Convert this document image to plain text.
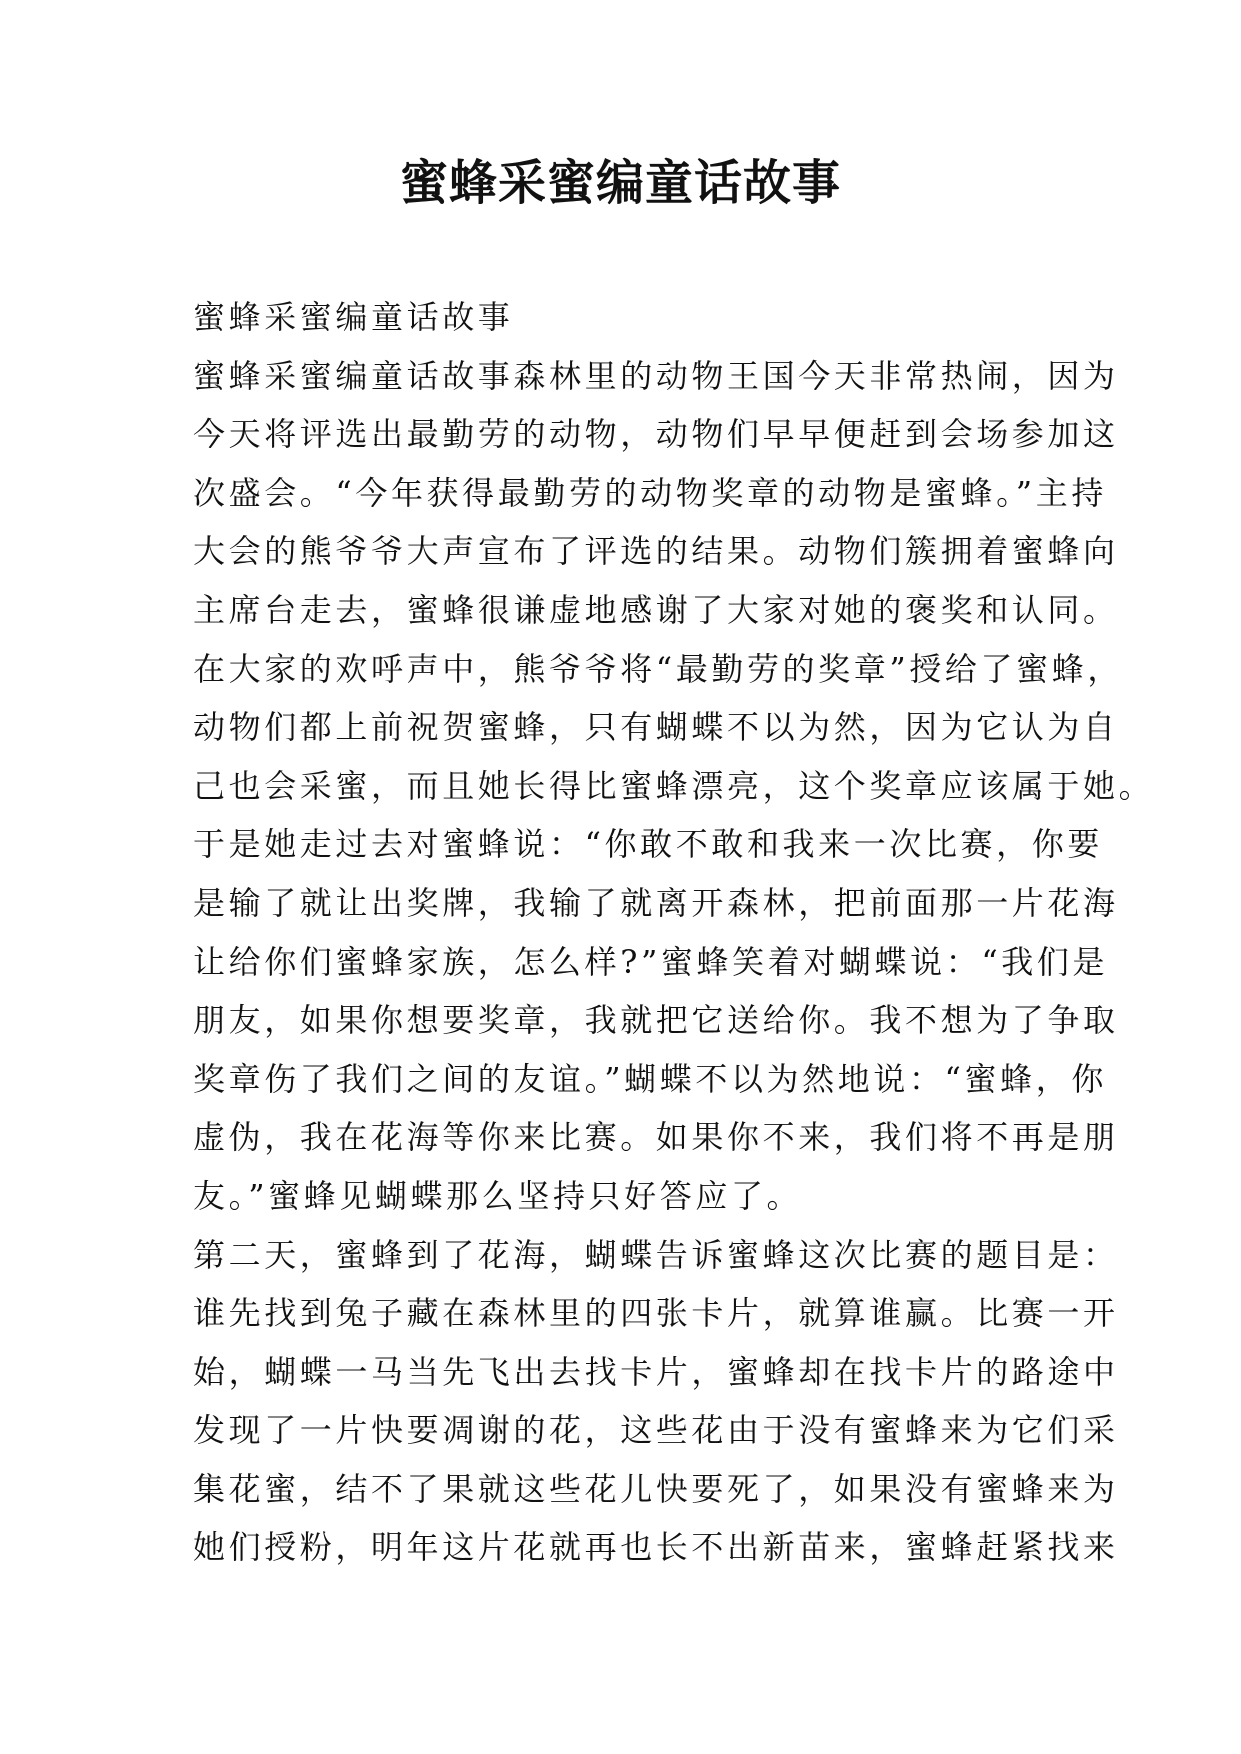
蜜蜂采蜜编童话故事

蜜蜂采蜜编童话故事

蜜蜂采蜜编童话故事森林里的动物王国今天非常热闹，因为
今天将评选出最勤劳的动物，动物们早早便赶到会场参加这
次盛会。“今年获得最勤劳的动物奖章的动物是蜜蜂。”主持
大会的熊爷爷大声宣布了评选的结果。动物们簇拥着蜜蜂向
主席台走去，蜜蜂很谦虚地感谢了大家对她的褒奖和认同。
在大家的欢呼声中，熊爷爷将“最勤劳的奖章”授给了蜜蜂，
动物们都上前祝贺蜜蜂，只有蝴蝶不以为然，因为它认为自
己也会采蜜，而且她长得比蜜蜂漂亮，这个奖章应该属于她。
于是她走过去对蜜蜂说：“你敢不敢和我来一次比赛，你要
是输了就让出奖牌，我输了就离开森林，把前面那一片花海
让给你们蜜蜂家族，怎么样?”蜜蜂笑着对蝴蝶说：“我们是
朋友，如果你想要奖章，我就把它送给你。我不想为了争取
奖章伤了我们之间的友谊。”蝴蝶不以为然地说：“蜜蜂，你
虚伪，我在花海等你来比赛。如果你不来，我们将不再是朋
友。”蜜蜂见蝴蝶那么坚持只好答应了。

第二天，蜜蜂到了花海，蝴蝶告诉蜜蜂这次比赛的题目是：
谁先找到兔子藏在森林里的四张卡片，就算谁赢。比赛一开
始，蝴蝶一马当先飞出去找卡片，蜜蜂却在找卡片的路途中
发现了一片快要凋谢的花，这些花由于没有蜜蜂来为它们采
集花蜜，结不了果就这些花儿快要死了，如果没有蜜蜂来为
她们授粉，明年这片花就再也长不出新苗来，蜜蜂赶紧找来
